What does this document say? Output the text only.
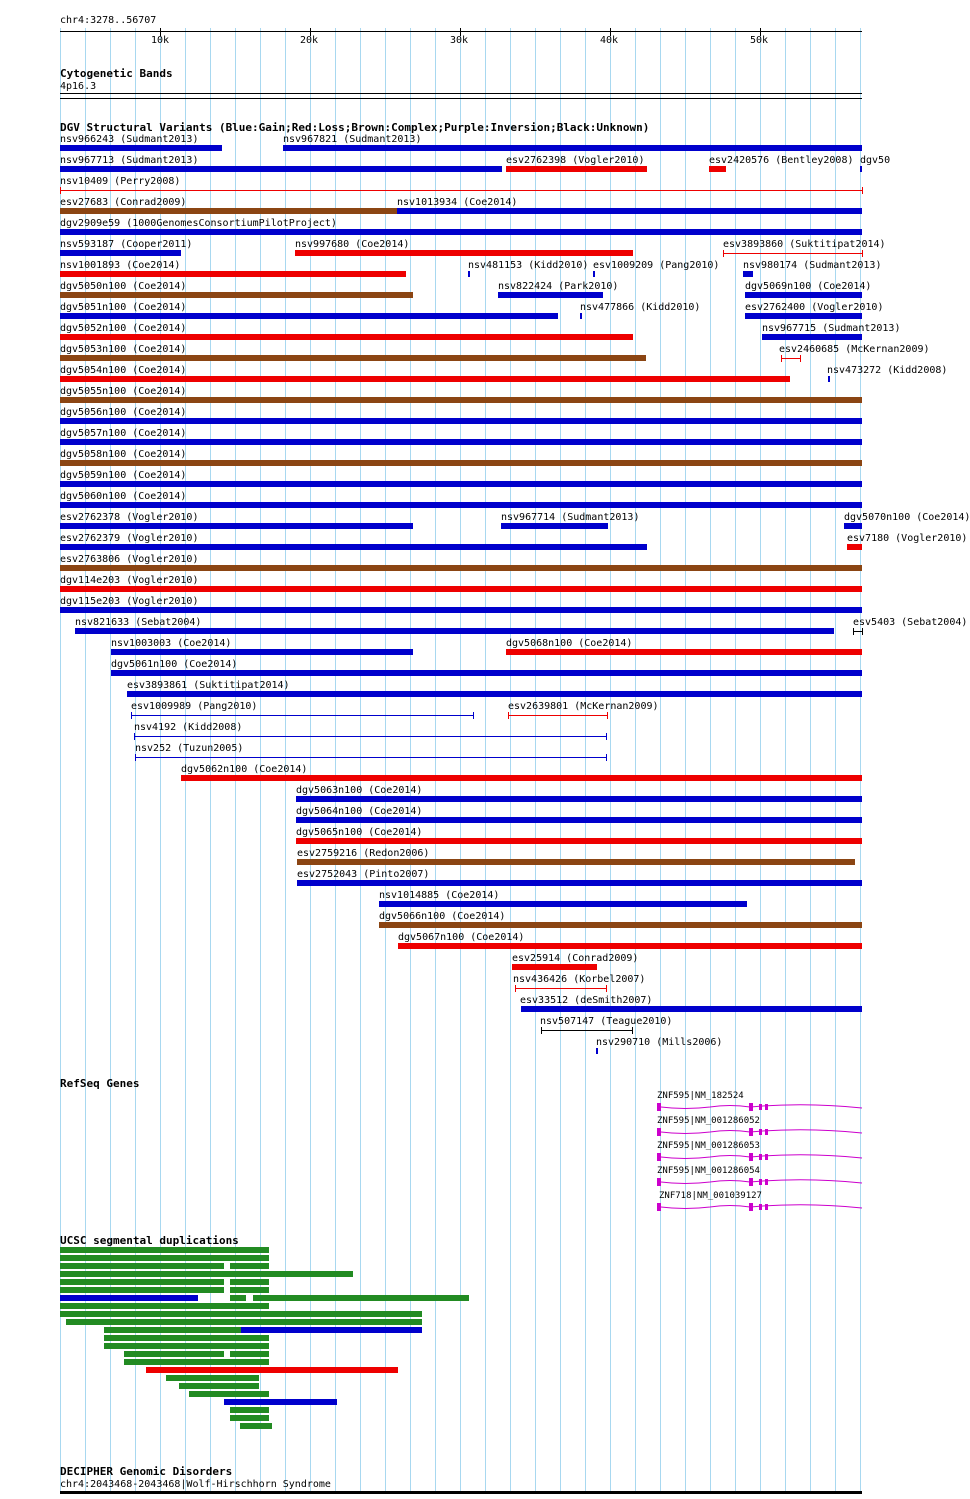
chr4:3278..56707
10k	20k	30k	40k	50k
Cytogenetic Bands
4p16.3
DGV Structural Variants (Blue:Gain;Red:Loss;Brown:Complex;Purple:Inversion;Black:Unknown)
nsv966243 (Sudmant2013)	nsv967821 (Sudmant2013)
nsv967713 (Sudmant2013)	esv2762398 (Vogler2010)	esv2420576 (Bentley2008) dgv50
nsv10409 (Perry2008)
esv27683 (Conrad2009)	nsv1013934 (Coe2014)
dgv2909e59 (1000GenomesConsortiumPilotProject)
nsv593187 (Cooper2011)	nsv997680 (Coe2014)	esv3893860 (Suktitipat2014)
nsv1001893 (Coe2014)	nsv481153 (Kidd2010) esv1009209 (Pang2010) nsv980174 (Sudmant2013)
dgv5050n100 (Coe2014)	nsv822424 (Park2010)	dgv5069n100 (Coe2014)
dgv5051n100 (Coe2014)	nsv477866 (Kidd2010)	esv2762400 (Vogler2010)
dgv5052n100 (Coe2014)	nsv967715 (Sudmant2013)
dgv5053n100 (Coe2014)	esv2460685 (McKernan2009)
dgv5054n100 (Coe2014)	nsv473272 (Kidd2008)
dgv5055n100 (Coe2014)
dgv5056n100 (Coe2014)
dgv5057n100 (Coe2014)
dgv5058n100 (Coe2014)
dgv5059n100 (Coe2014)
dgv5060n100 (Coe2014)
esv2762378 (Vogler2010)	nsv967714 (Sudmant2013)	dgv5070n100 (Coe2014)
esv2762379 (Vogler2010)	esv7180 (Vogler2010)
esv2763806 (Vogler2010)
dgv114e203 (Vogler2010)
dgv115e203 (Vogler2010)
nsv821633 (Sebat2004)	esv5403 (Sebat2004)
nsv1003003 (Coe2014)	dgv5068n100 (Coe2014)
dgv5061n100 (Coe2014)
esv3893861 (Suktitipat2014)
esv1009989 (Pang2010)	esv2639801 (McKernan2009)
nsv4192 (Kidd2008)
nsv252 (Tuzun2005)
dgv5062n100 (Coe2014)
dgv5063n100 (Coe2014)
dgv5064n100 (Coe2014)
dgv5065n100 (Coe2014)
esv2759216 (Redon2006)
esv2752043 (Pinto2007)
nsv1014885 (Coe2014)
dgv5066n100 (Coe2014)
dgv5067n100 (Coe2014)
esv25914 (Conrad2009)
nsv436426 (Korbel2007)
esv33512 (deSmith2007)
nsv507147 (Teague2010)
nsv290710 (Mills2006)
RefSeq Genes
ZNF595|NM_182524
ZNF595|NM_001286052
ZNF595|NM_001286053
ZNF595|NM_001286054
ZNF718|NM_001039127
UCSC segmental duplications
DECIPHER Genomic Disorders
chr4:2043468-2043468|Wolf-Hirschhorn Syndrome
